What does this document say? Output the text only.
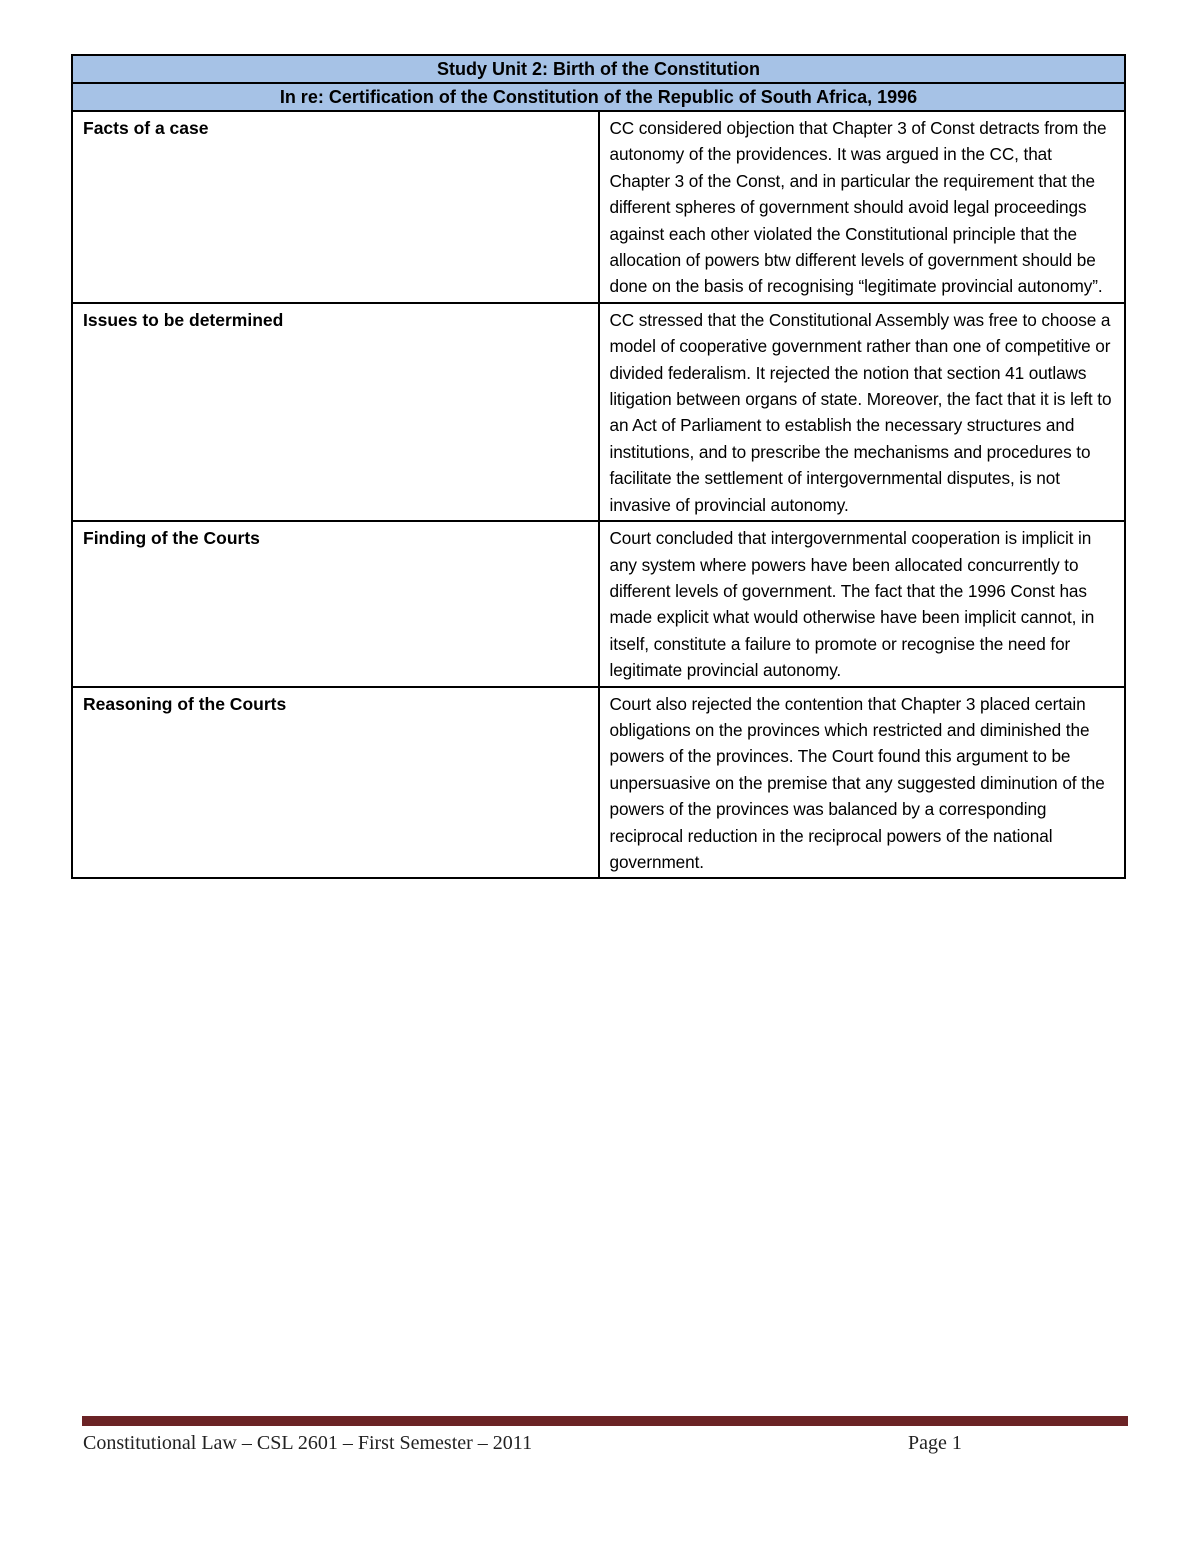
Study Unit 2: Birth of the Constitution	
In re: Certification of the Constitution of the Republic of South Africa, 1996	
Facts of a case	CC considered objection that Chapter 3 of Const detracts from the autonomy of the providences. It was argued in the CC, that Chapter 3 of the Const, and in particular the requirement that the different spheres of government should avoid legal proceedings against each other violated the Constitutional principle that the allocation of powers btw different levels of government should be done on the basis of recognising “legitimate provincial autonomy”.
Issues to be determined	CC stressed that the Constitutional Assembly was free to choose a model of cooperative government rather than one of competitive or divided federalism. It rejected the notion that section 41 outlaws litigation between organs of state. Moreover, the fact that it is left to an Act of Parliament to establish the necessary structures and institutions, and to prescribe the mechanisms and procedures to facilitate the settlement of intergovernmental disputes, is not invasive of provincial autonomy.
Finding of the Courts	Court concluded that intergovernmental cooperation is implicit in any system where powers have been allocated concurrently to different levels of government. The fact that the 1996 Const has made explicit what would otherwise have been implicit cannot, in itself, constitute a failure to promote or recognise the need for legitimate provincial autonomy.
Reasoning of the Courts	Court also rejected the contention that Chapter 3 placed certain obligations on the provinces which restricted and diminished the powers of the provinces. The Court found this argument to be unpersuasive on the premise that any suggested diminution of the powers of the provinces was balanced by a corresponding reciprocal reduction in the reciprocal powers of the national government.
Constitutional Law – CSL 2601 – First Semester – 2011	Page 1
